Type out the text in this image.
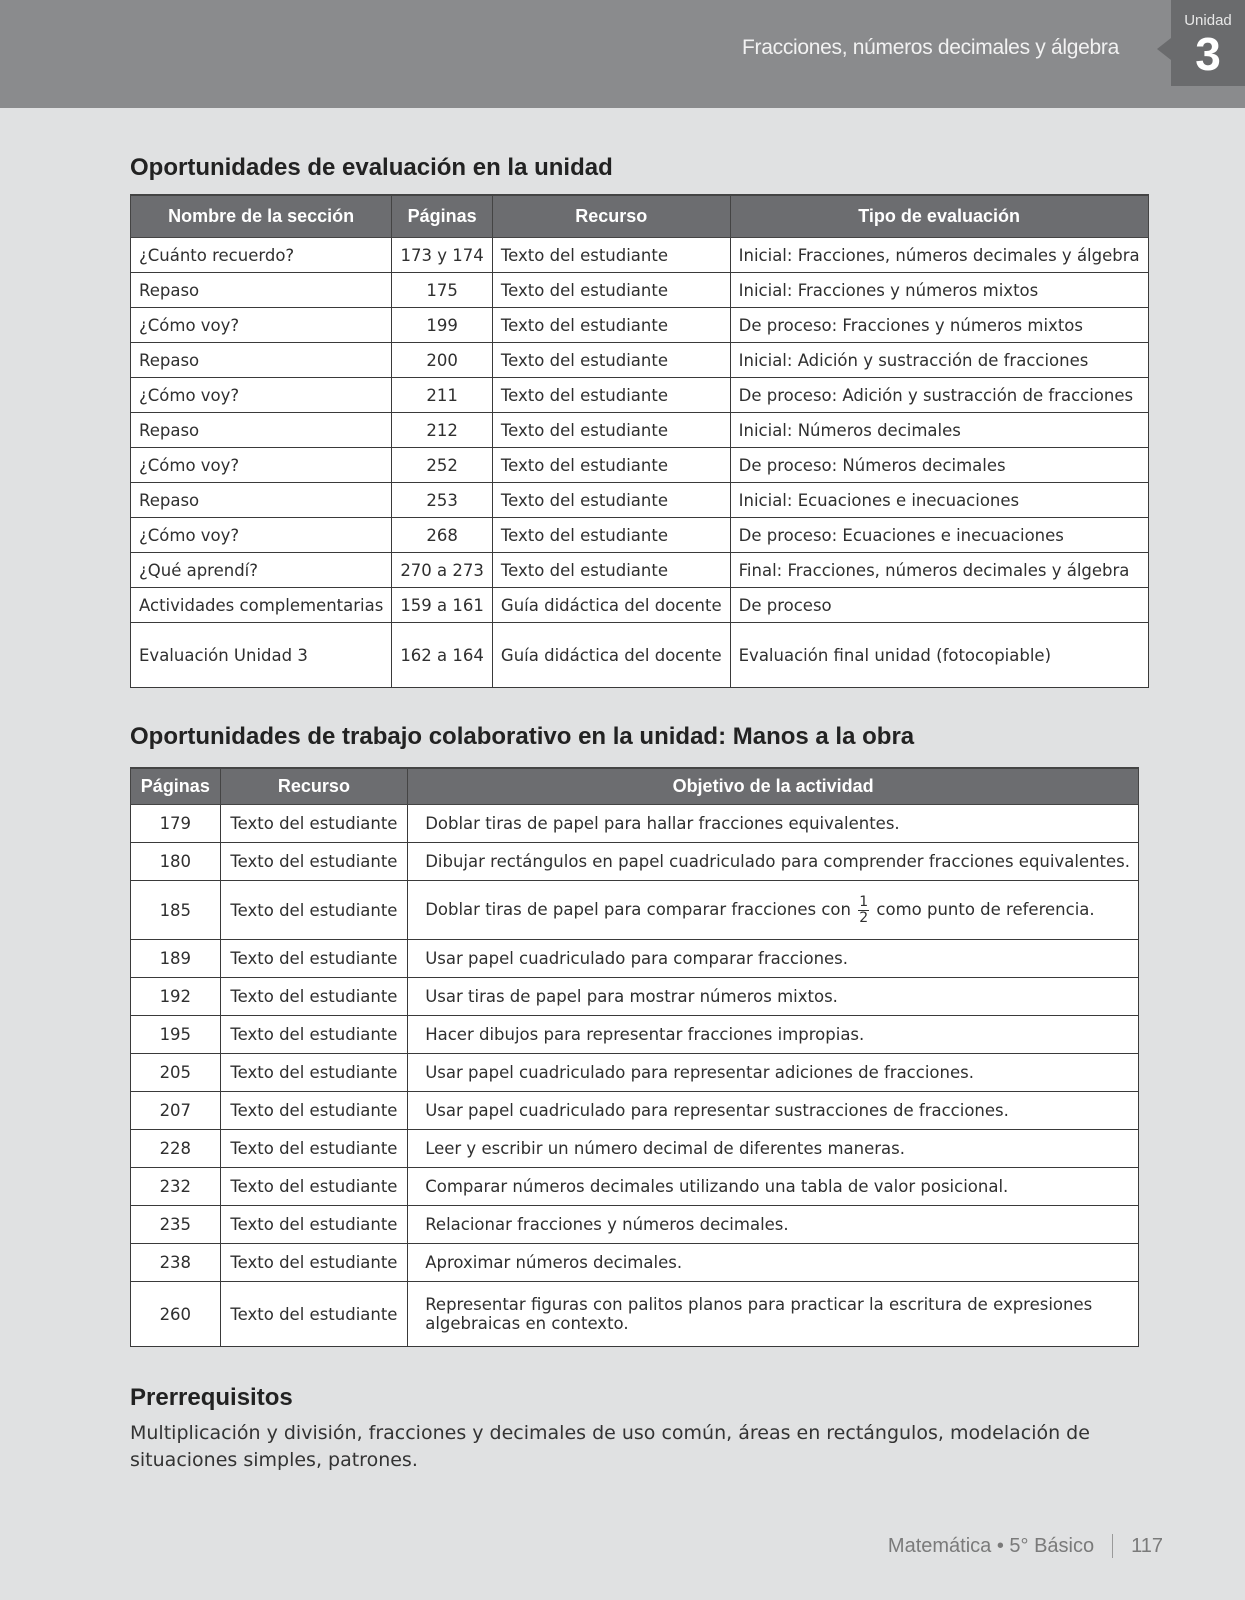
Fracciones, números decimales y álgebra
Unidad
3
Oportunidades de evaluación en la unidad
Nombre de la sección	Páginas	Recurso	Tipo de evaluación
¿Cuánto recuerdo?	173 y 174	Texto del estudiante	Inicial: Fracciones, números decimales y álgebra
Repaso	175	Texto del estudiante	Inicial: Fracciones y números mixtos
¿Cómo voy?	199	Texto del estudiante	De proceso: Fracciones y números mixtos
Repaso	200	Texto del estudiante	Inicial: Adición y sustracción de fracciones
¿Cómo voy?	211	Texto del estudiante	De proceso: Adición y sustracción de fracciones
Repaso	212	Texto del estudiante	Inicial: Números decimales
¿Cómo voy?	252	Texto del estudiante	De proceso: Números decimales
Repaso	253	Texto del estudiante	Inicial: Ecuaciones e inecuaciones
¿Cómo voy?	268	Texto del estudiante	De proceso: Ecuaciones e inecuaciones
¿Qué aprendí?	270 a 273	Texto del estudiante	Final: Fracciones, números decimales y álgebra
Actividades complementarias	159 a 161	Guía didáctica del docente	De proceso
Evaluación Unidad 3	162 a 164	Guía didáctica del docente	Evaluación final unidad (fotocopiable)
Oportunidades de trabajo colaborativo en la unidad: Manos a la obra
Páginas	Recurso	Objetivo de la actividad
179	Texto del estudiante	Doblar tiras de papel para hallar fracciones equivalentes.
180	Texto del estudiante	Dibujar rectángulos en papel cuadriculado para comprender fracciones equivalentes.
185	Texto del estudiante	Doblar tiras de papel para comparar fracciones con $\frac{1}{2}$ como punto de referencia.
189	Texto del estudiante	Usar papel cuadriculado para comparar fracciones.
192	Texto del estudiante	Usar tiras de papel para mostrar números mixtos.
195	Texto del estudiante	Hacer dibujos para representar fracciones impropias.
205	Texto del estudiante	Usar papel cuadriculado para representar adiciones de fracciones.
207	Texto del estudiante	Usar papel cuadriculado para representar sustracciones de fracciones.
228	Texto del estudiante	Leer y escribir un número decimal de diferentes maneras.
232	Texto del estudiante	Comparar números decimales utilizando una tabla de valor posicional.
235	Texto del estudiante	Relacionar fracciones y números decimales.
238	Texto del estudiante	Aproximar números decimales.
260	Texto del estudiante	Representar figuras con palitos planos para practicar la escritura de expresiones algebraicas en contexto.
Prerrequisitos

Multiplicación y división, fracciones y decimales de uso común, áreas en rectángulos, modelación de situaciones simples, patrones.

Matemática • 5° Básico 117
